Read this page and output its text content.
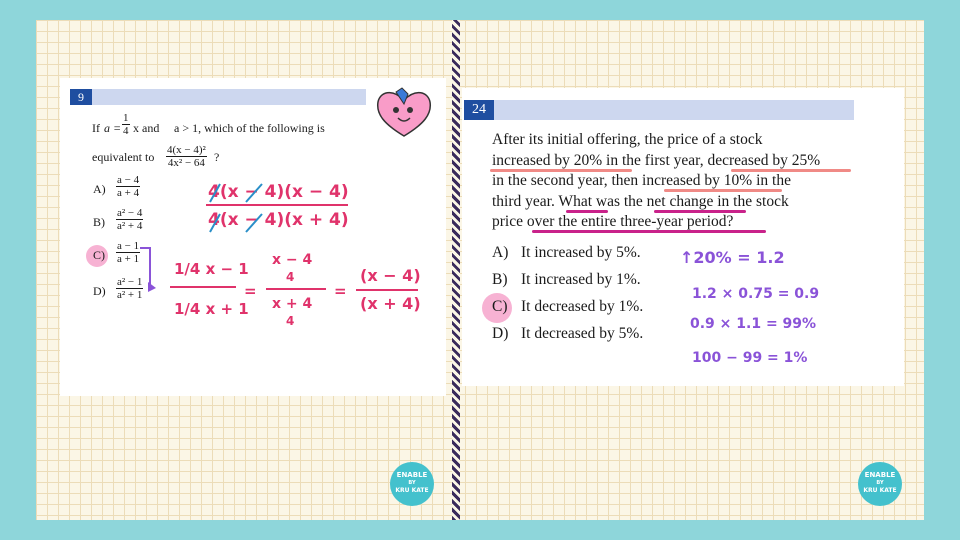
9
If $a = \frac{1}{4}$ x and a > 1, which of the following is
equivalent to $\frac{\text{4(x − 4)²}}{\text{4x² − 64}}$ ?
$A) \frac{a - 4}{a + 4}$
$B) \frac{\text{a² − 4}}{\text{a² + 4}}$
$C) \frac{a - 1}{a + 1}$
$D) \frac{\text{a² − 1}}{\text{a² + 1}}$
4(x − 4)(x − 4)
4(x − 4)(x + 4)
1/4 x − 1
1/4 x + 1
=
x − 4
4
x + 4
4
=
(x − 4)
(x + 4)
24
After its initial offering, the price of a stock
increased by 20% in the first year, decreased by 25%
in the second year, then increased by 10% in the
third year. What was the net change in the stock
price over the entire three-year period?
A) It increased by 5%.
B) It increased by 1%.
C) It decreased by 1%.
D) It decreased by 5%.
↑20% = 1.2
1.2 × 0.75 = 0.9
0.9 × 1.1 = 99%
100 − 99 = 1%
ENABLE
BY
KRU KATE
ENABLE
BY
KRU KATE
